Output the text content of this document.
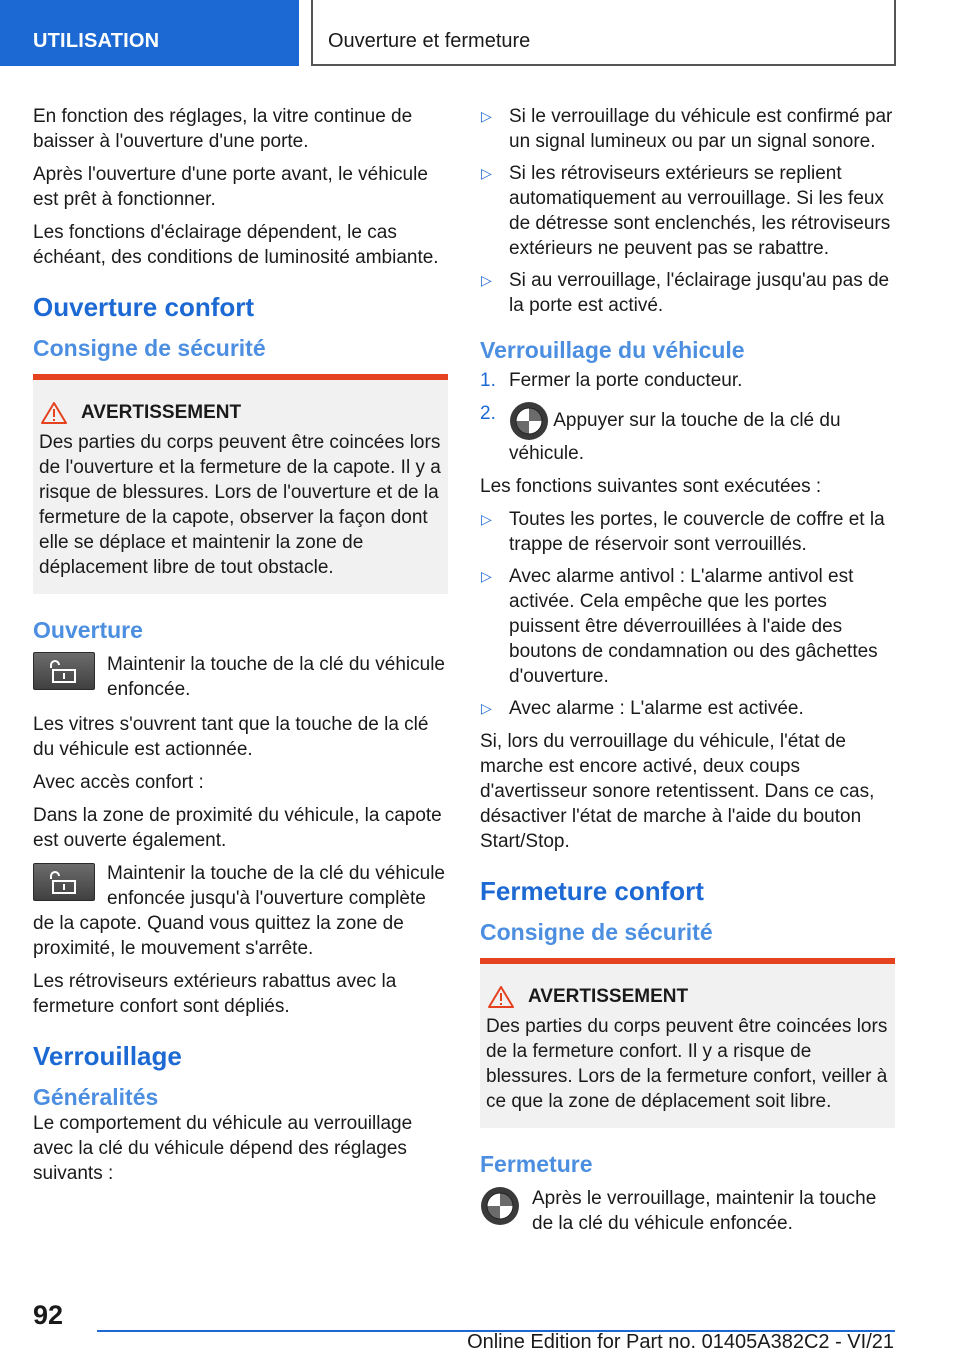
UTILISATION	Ouverture et fermeture

En fonction des réglages, la vitre continue de baisser à l'ouverture d'une porte.

Après l'ouverture d'une porte avant, le véhicule est prêt à fonctionner.

Les fonctions d'éclairage dépendent, le cas échéant, des conditions de luminosité ambiante.

Ouverture confort
Consigne de sécurité
AVERTISSEMENT

Des parties du corps peuvent être coincées lors de l'ouverture et la fermeture de la capote. Il y a risque de blessures. Lors de l'ouverture et de la fermeture de la capote, observer la façon dont elle se déplace et maintenir la zone de déplacement libre de tout obstacle.

Ouverture

Maintenir la touche de la clé du véhicule enfoncée.

Les vitres s'ouvrent tant que la touche de la clé du véhicule est actionnée.

Avec accès confort :

Dans la zone de proximité du véhicule, la capote est ouverte également.

Maintenir la touche de la clé du véhicule enfoncée jusqu'à l'ouverture complète de la capote. Quand vous quittez la zone de proximité, le mouvement s'arrête.

Les rétroviseurs extérieurs rabattus avec la fermeture confort sont dépliés.

Verrouillage
Généralités

Le comportement du véhicule au verrouillage avec la clé du véhicule dépend des réglages suivants :

▷ Si le verrouillage du véhicule est confirmé par un signal lumineux ou par un signal sonore.
▷ Si les rétroviseurs extérieurs se replient automatiquement au verrouillage. Si les feux de détresse sont enclenchés, les rétroviseurs extérieurs ne peuvent pas se rabattre.
▷ Si au verrouillage, l'éclairage jusqu'au pas de la porte est activé.
Verrouillage du véhicule
1. Fermer la porte conducteur.
2.	Appuyer sur la touche de la clé du véhicule.

Les fonctions suivantes sont exécutées :

▷ Toutes les portes, le couvercle de coffre et la trappe de réservoir sont verrouillés.
▷ Avec alarme antivol : L'alarme antivol est activée. Cela empêche que les portes puissent être déverrouillées à l'aide des boutons de condamnation ou des gâchettes d'ouverture.
▷ Avec alarme : L'alarme est activée.

Si, lors du verrouillage du véhicule, l'état de marche est encore activé, deux coups d'avertisseur sonore retentissent. Dans ce cas, désactiver l'état de marche à l'aide du bouton Start/Stop.

Fermeture confort
Consigne de sécurité
AVERTISSEMENT

Des parties du corps peuvent être coincées lors de la fermeture confort. Il y a risque de blessures. Lors de la fermeture confort, veiller à ce que la zone de déplacement soit libre.

Fermeture

Après le verrouillage, maintenir la touche de la clé du véhicule enfoncée.

92
Online Edition for Part no. 01405A382C2 - VI/21
